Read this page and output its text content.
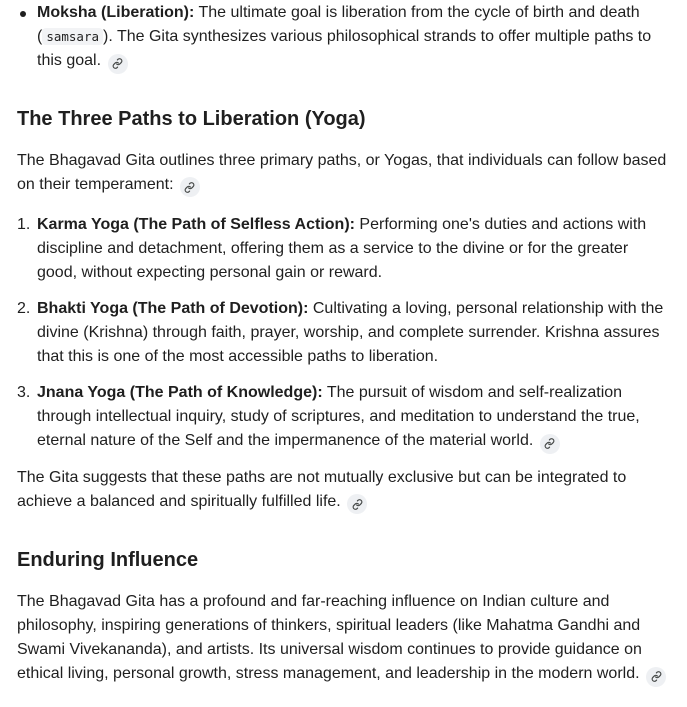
Moksha (Liberation): The ultimate goal is liberation from the cycle of birth and death ( samsara ). The Gita synthesizes various philosophical strands to offer multiple paths to this goal.
The Three Paths to Liberation (Yoga)

The Bhagavad Gita outlines three primary paths, or Yogas, that individuals can follow based on their temperament:

1. Karma Yoga (The Path of Selfless Action): Performing one's duties and actions with discipline and detachment, offering them as a service to the divine or for the greater good, without expecting personal gain or reward.
2. Bhakti Yoga (The Path of Devotion): Cultivating a loving, personal relationship with the divine (Krishna) through faith, prayer, worship, and complete surrender. Krishna assures that this is one of the most accessible paths to liberation.
3. Jnana Yoga (The Path of Knowledge): The pursuit of wisdom and self-realization through intellectual inquiry, study of scriptures, and meditation to understand the true, eternal nature of the Self and the impermanence of the material world.

The Gita suggests that these paths are not mutually exclusive but can be integrated to achieve a balanced and spiritually fulfilled life.

Enduring Influence

The Bhagavad Gita has a profound and far-reaching influence on Indian culture and philosophy, inspiring generations of thinkers, spiritual leaders (like Mahatma Gandhi and Swami Vivekananda), and artists. Its universal wisdom continues to provide guidance on ethical living, personal growth, stress management, and leadership in the modern world.
